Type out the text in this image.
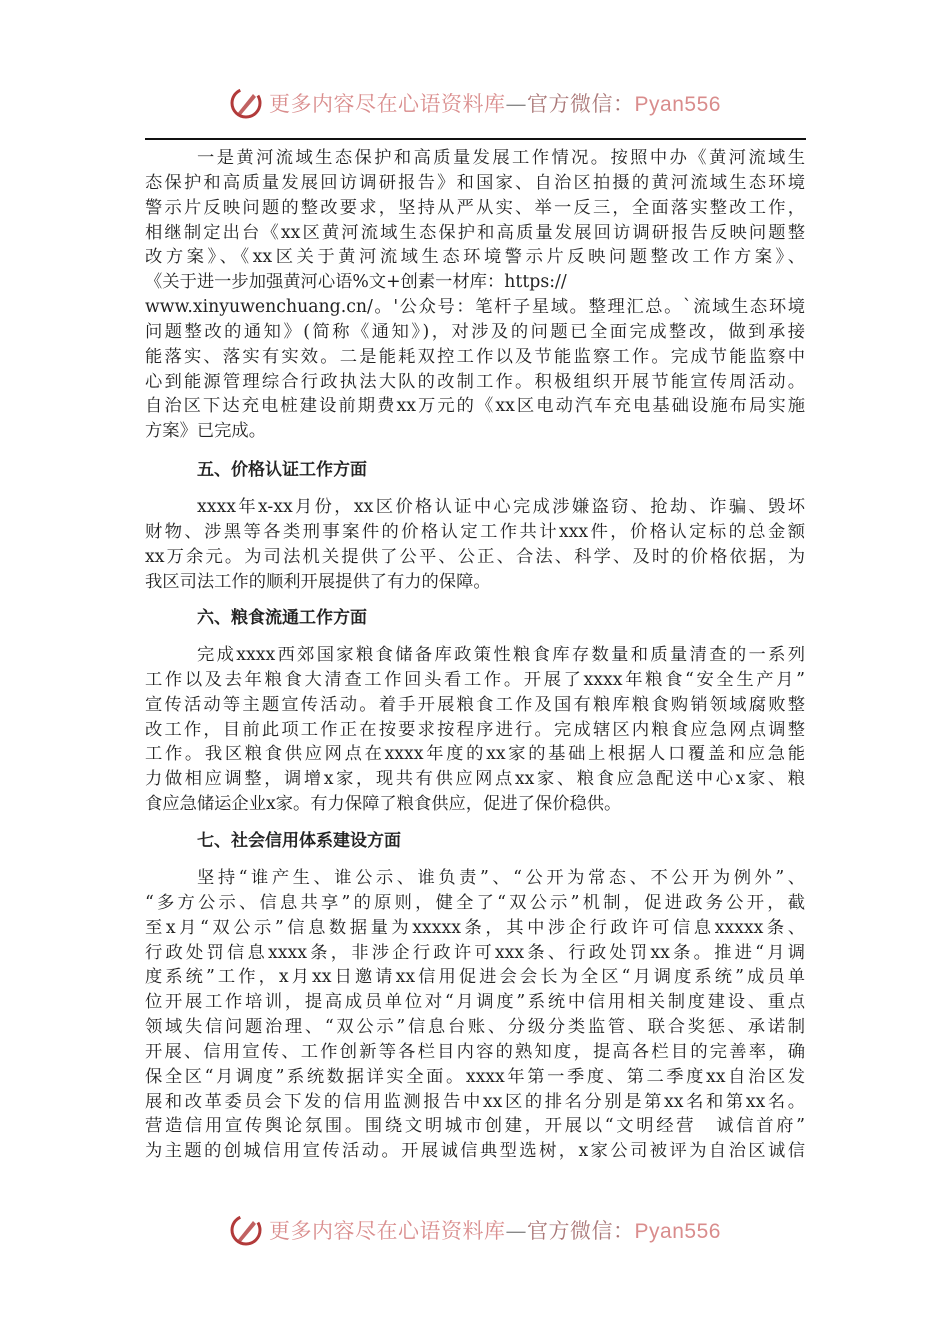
更多内容尽在心语资料库—官方微信：Pyan556
一是黄河流域生态保护和高质量发展工作情况。按照中办《黄河流域生
态保护和高质量发展回访调研报告》和国家、自治区拍摄的黄河流域生态环境
警示片反映问题的整改要求，坚持从严从实、举一反三，全面落实整改工作，
相继制定出台《xx区黄河流域生态保护和高质量发展回访调研报告反映问题整
改方案》、《xx区关于黄河流域生态环境警示片反映问题整改工作方案》、
《关于进一步加强黄河心语%文+创素一材库：https://
www.xinyuwenchuang.cn/。'公众号：笔杆子星域。整理汇总。`流域生态环境
问题整改的通知》(简称《通知》)，对涉及的问题已全面完成整改，做到承接
能落实、落实有实效。二是能耗双控工作以及节能监察工作。完成节能监察中
心到能源管理综合行政执法大队的改制工作。积极组织开展节能宣传周活动。
自治区下达充电桩建设前期费xx万元的《xx区电动汽车充电基础设施布局实施
方案》已完成。
五、价格认证工作方面
xxxx年x-xx月份，xx区价格认证中心完成涉嫌盗窃、抢劫、诈骗、毁坏
财物、涉黑等各类刑事案件的价格认定工作共计xxx件，价格认定标的总金额
xx万余元。为司法机关提供了公平、公正、合法、科学、及时的价格依据，为
我区司法工作的顺利开展提供了有力的保障。
六、粮食流通工作方面
完成xxxx西郊国家粮食储备库政策性粮食库存数量和质量清查的一系列
工作以及去年粮食大清查工作回头看工作。开展了xxxx年粮食“安全生产月”
宣传活动等主题宣传活动。着手开展粮食工作及国有粮库粮食购销领域腐败整
改工作，目前此项工作正在按要求按程序进行。完成辖区内粮食应急网点调整
工作。我区粮食供应网点在xxxx年度的xx家的基础上根据人口覆盖和应急能
力做相应调整，调增x家，现共有供应网点xx家、粮食应急配送中心x家、粮
食应急储运企业x家。有力保障了粮食供应，促进了保价稳供。
七、社会信用体系建设方面
坚持“谁产生、谁公示、谁负责”、“公开为常态、不公开为例外”、
“多方公示、信息共享”的原则，健全了“双公示”机制，促进政务公开，截
至x月“双公示”信息数据量为xxxxx条，其中涉企行政许可信息xxxxx条、
行政处罚信息xxxx条，非涉企行政许可xxx条、行政处罚xx条。推进“月调
度系统”工作，x月xx日邀请xx信用促进会会长为全区“月调度系统”成员单
位开展工作培训，提高成员单位对“月调度”系统中信用相关制度建设、重点
领域失信问题治理、“双公示”信息台账、分级分类监管、联合奖惩、承诺制
开展、信用宣传、工作创新等各栏目内容的熟知度，提高各栏目的完善率，确
保全区“月调度”系统数据详实全面。xxxx年第一季度、第二季度xx自治区发
展和改革委员会下发的信用监测报告中xx区的排名分别是第xx名和第xx名。
营造信用宣传舆论氛围。围绕文明城市创建，开展以“文明经营　诚信首府”
为主题的创城信用宣传活动。开展诚信典型选树，x家公司被评为自治区诚信
更多内容尽在心语资料库—官方微信：Pyan556
